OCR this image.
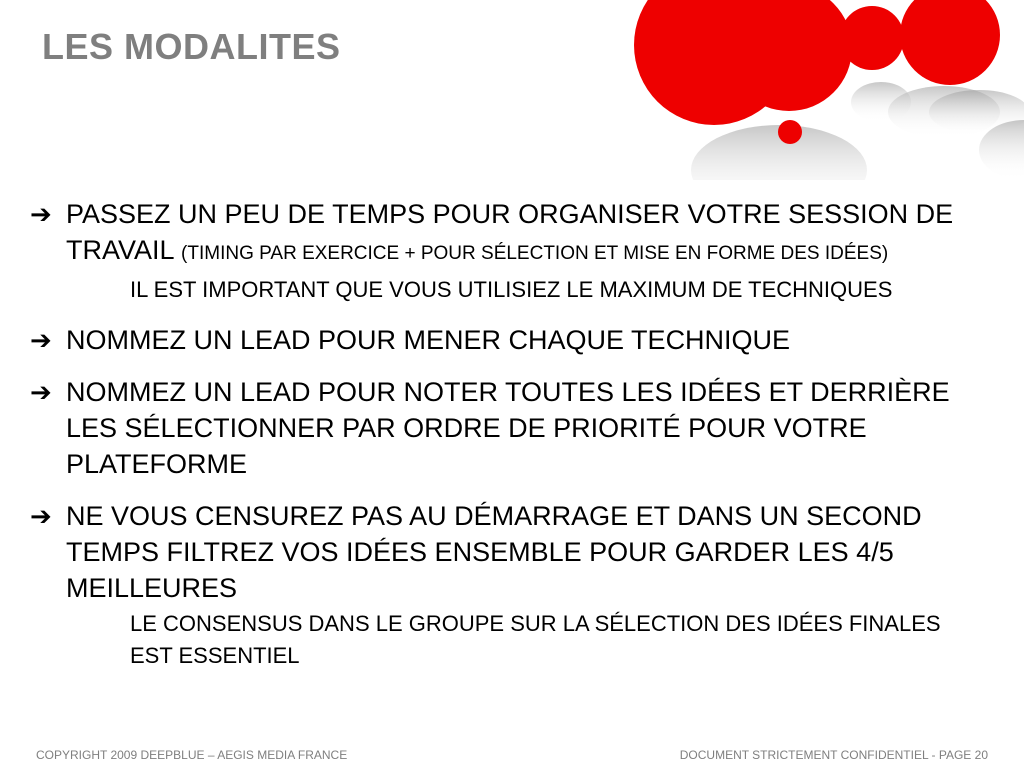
LES MODALITES
➔ PASSEZ UN PEU DE TEMPS POUR ORGANISER VOTRE SESSION DE TRAVAIL (TIMING PAR EXERCICE + POUR SÉLECTION ET MISE EN FORME DES IDÉES)
IL EST IMPORTANT QUE VOUS UTILISIEZ LE MAXIMUM DE TECHNIQUES
➔ NOMMEZ UN LEAD POUR MENER CHAQUE TECHNIQUE
➔ NOMMEZ UN LEAD POUR NOTER TOUTES LES IDÉES ET DERRIÈRE LES SÉLECTIONNER PAR ORDRE DE PRIORITÉ POUR VOTRE PLATEFORME
➔ NE VOUS CENSUREZ PAS AU DÉMARRAGE ET DANS UN SECOND TEMPS FILTREZ VOS IDÉES ENSEMBLE POUR GARDER LES 4/5 MEILLEURES
LE CONSENSUS DANS LE GROUPE SUR LA SÉLECTION DES IDÉES FINALES EST ESSENTIEL
COPYRIGHT 2009 DEEPBLUE – AEGIS MEDIA FRANCE	DOCUMENT STRICTEMENT CONFIDENTIEL - PAGE 20
